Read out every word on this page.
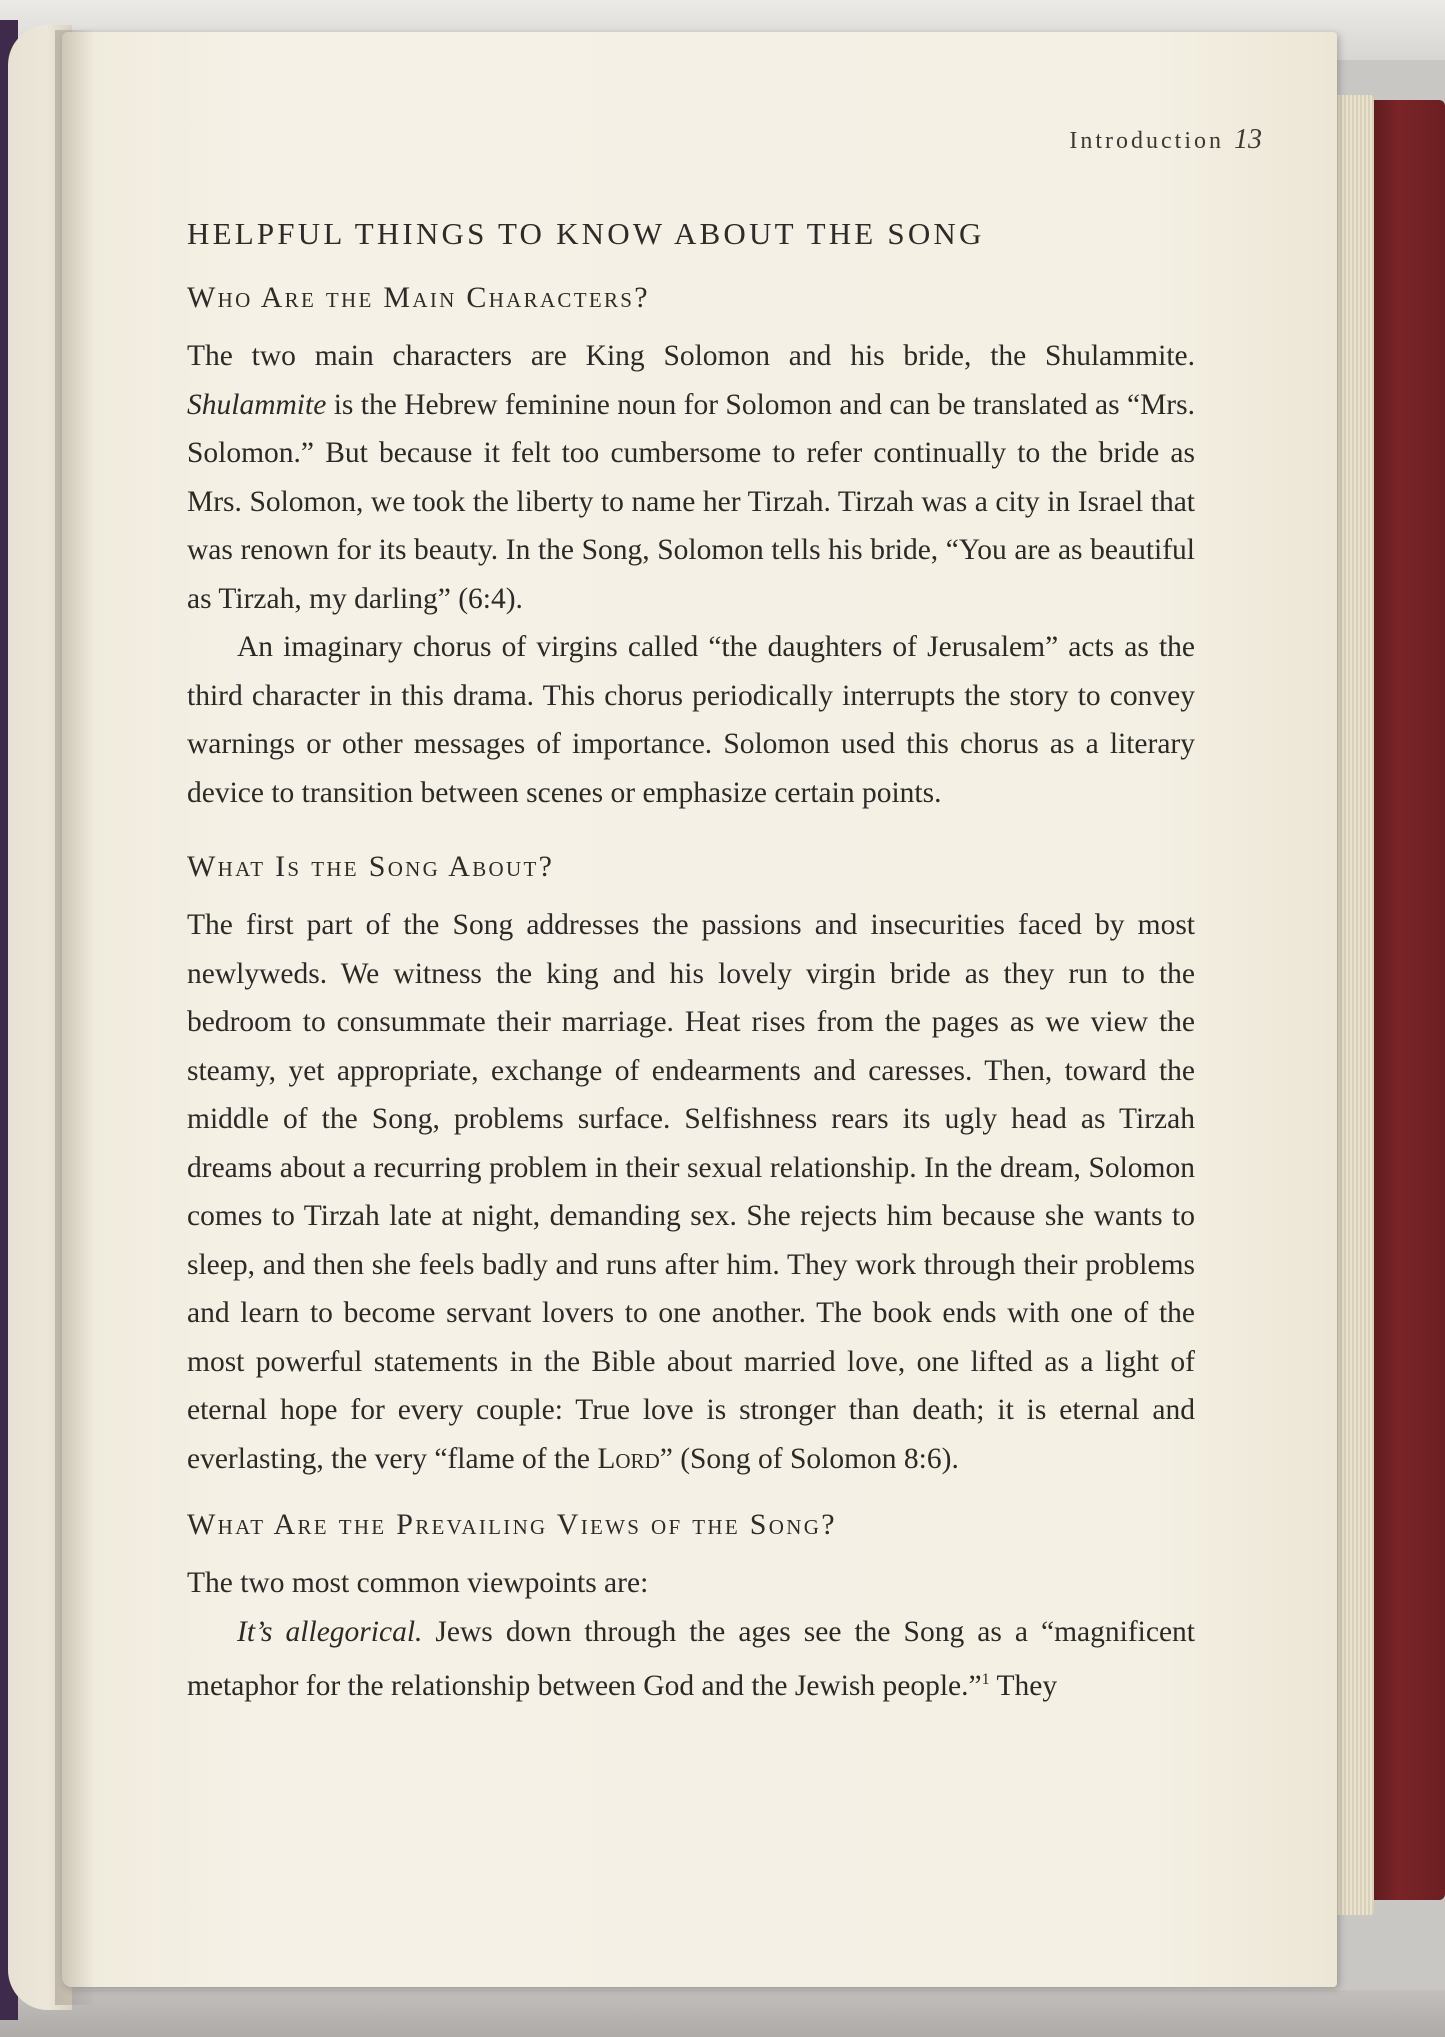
Introduction 13
HELPFUL THINGS TO KNOW ABOUT THE SONG
Who Are the Main Characters?

The two main characters are King Solomon and his bride, the Shulammite. Shulammite is the Hebrew feminine noun for Solomon and can be translated as “Mrs. Solomon.” But because it felt too cumbersome to refer continually to the bride as Mrs. Solomon, we took the liberty to name her Tirzah. Tirzah was a city in Israel that was renown for its beauty. In the Song, Solomon tells his bride, “You are as beautiful as Tirzah, my darling” (6:4).

An imaginary chorus of virgins called “the daughters of Jerusalem” acts as the third character in this drama. This chorus periodically interrupts the story to convey warnings or other messages of importance. Solomon used this chorus as a literary device to transition between scenes or emphasize certain points.

What Is the Song About?

The first part of the Song addresses the passions and insecurities faced by most newlyweds. We witness the king and his lovely virgin bride as they run to the bedroom to consummate their marriage. Heat rises from the pages as we view the steamy, yet appropriate, exchange of endearments and caresses. Then, toward the middle of the Song, problems surface. Selfishness rears its ugly head as Tirzah dreams about a recurring problem in their sexual relationship. In the dream, Solomon comes to Tirzah late at night, demanding sex. She rejects him because she wants to sleep, and then she feels badly and runs after him. They work through their problems and learn to become servant lovers to one another. The book ends with one of the most powerful statements in the Bible about married love, one lifted as a light of eternal hope for every couple: True love is stronger than death; it is eternal and everlasting, the very “flame of the Lord” (Song of Solomon 8:6).

What Are the Prevailing Views of the Song?

The two most common viewpoints are:

It’s allegorical. Jews down through the ages see the Song as a “magnificent metaphor for the relationship between God and the Jewish people.”$^1$ They
